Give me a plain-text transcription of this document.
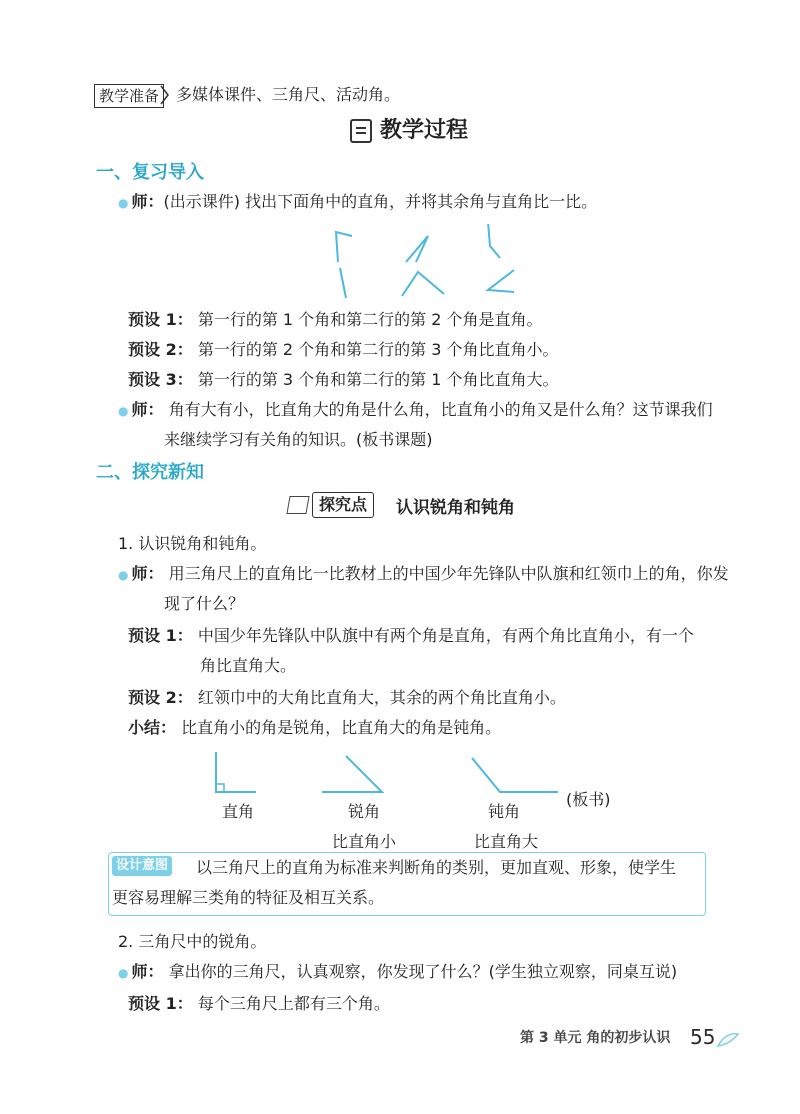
教学准备	多媒体课件、三角尺、活动角。
教学过程
一、复习导入
● 师：(出示课件) 找出下面角中的直角，并将其余角与直角比一比。
预设 1： 第一行的第 1 个角和第二行的第 2 个角是直角。
预设 2： 第一行的第 2 个角和第二行的第 3 个角比直角小。
预设 3： 第一行的第 3 个角和第二行的第 1 个角比直角大。
● 师： 角有大有小，比直角大的角是什么角，比直角小的角又是什么角？这节课我们
来继续学习有关角的知识。(板书课题)
二、探究新知
探究点	认识锐角和钝角
1. 认识锐角和钝角。
● 师： 用三角尺上的直角比一比教材上的中国少年先锋队中队旗和红领巾上的角，你发
现了什么？
预设 1： 中国少年先锋队中队旗中有两个角是直角，有两个角比直角小，有一个
角比直角大。
预设 2： 红领巾中的大角比直角大，其余的两个角比直角小。
小结： 比直角小的角是锐角，比直角大的角是钝角。
直角	锐角	钝角
(板书)
比直角小	比直角大
设计意图 以三角尺上的直角为标准来判断角的类别，更加直观、形象，使学生
更容易理解三类角的特征及相互关系。
2. 三角尺中的锐角。
● 师： 拿出你的三角尺，认真观察，你发现了什么？(学生独立观察，同桌互说)
预设 1： 每个三角尺上都有三个角。
第 3 单元 角的初步认识 55
